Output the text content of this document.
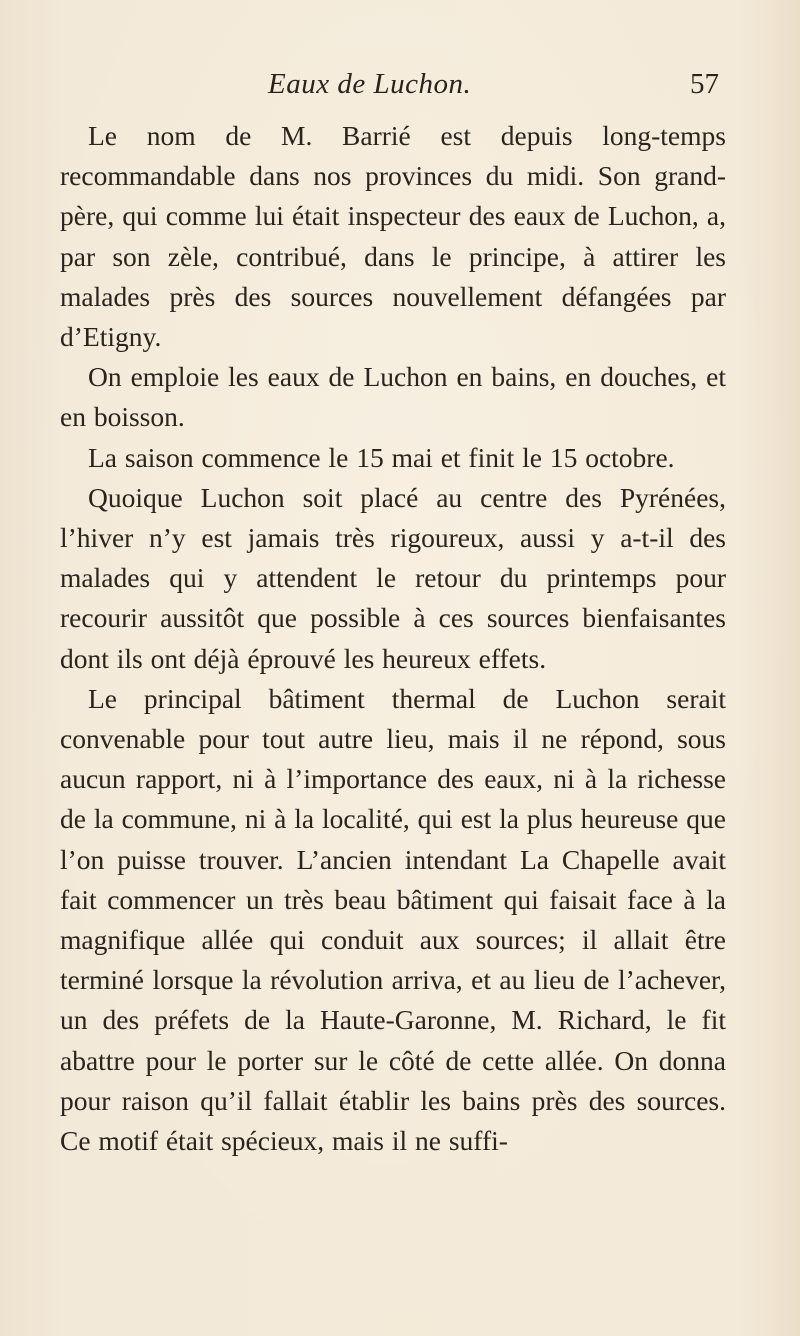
Eaux de Luchon.	57

Le nom de M. Barrié est depuis long-temps recommandable dans nos provinces du midi. Son grand-père, qui comme lui était inspecteur des eaux de Luchon, a, par son zèle, contribué, dans le principe, à attirer les malades près des sources nouvellement défangées par d’Etigny.

On emploie les eaux de Luchon en bains, en douches, et en boisson.

La saison commence le 15 mai et finit le 15 octobre.

Quoique Luchon soit placé au centre des Pyrénées, l’hiver n’y est jamais très rigoureux, aussi y a-t-il des malades qui y attendent le retour du printemps pour recourir aussitôt que possible à ces sources bienfaisantes dont ils ont déjà éprouvé les heureux effets.

Le principal bâtiment thermal de Luchon serait convenable pour tout autre lieu, mais il ne répond, sous aucun rapport, ni à l’importance des eaux, ni à la richesse de la commune, ni à la localité, qui est la plus heureuse que l’on puisse trouver. L’ancien intendant La Chapelle avait fait commencer un très beau bâtiment qui faisait face à la magnifique allée qui conduit aux sources; il allait être terminé lorsque la révolution arriva, et au lieu de l’achever, un des préfets de la Haute-Garonne, M. Richard, le fit abattre pour le porter sur le côté de cette allée. On donna pour raison qu’il fallait établir les bains près des sources. Ce motif était spécieux, mais il ne suffi-
